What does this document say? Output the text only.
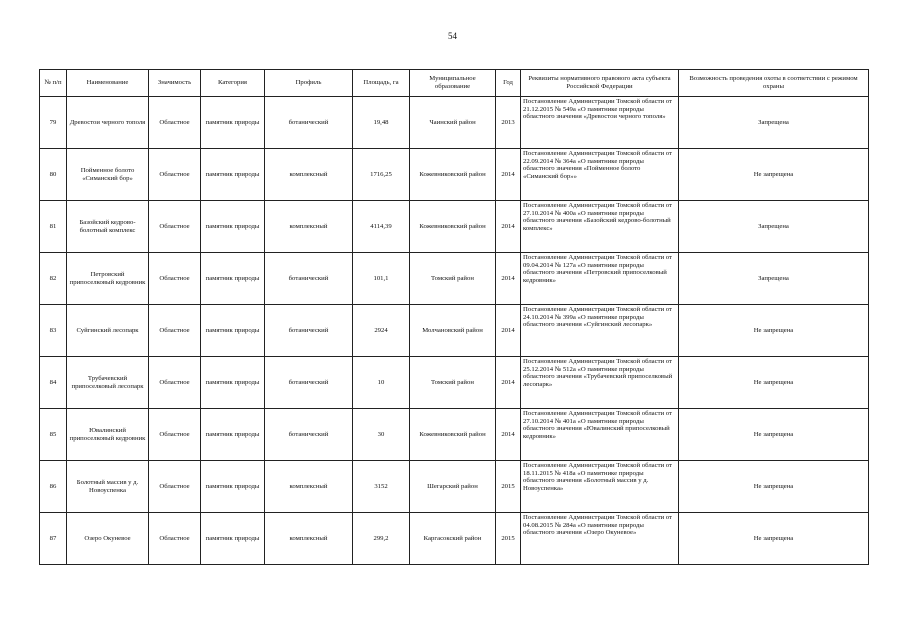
54
№ п/п	Наименование	Значимость	Категория	Профиль	Площадь, га	Муниципальное образование	Год	Реквизиты нормативного правового акта субъекта Российской Федерации	Возможность проведения охоты в соответствии с режимом охраны
79	Древостои черного тополя	Областное	памятник природы	ботанический	19,48	Чаинский район	2013	Постановление Администрации Томской области от 21.12.2015 № 549а «О памятнике природы областного значения «Древостои черного тополя»	Запрещена
80	Пойменное болото «Симанский бор»	Областное	памятник природы	комплексный	1716,25	Кожевниковский район	2014	Постановление Администрации Томской области от 22.09.2014 № 364а «О памятнике природы областного значения «Пойменное болото «Симанский бор»»	Не запрещена
81	Базойский кедрово-болотный комплекс	Областное	памятник природы	комплексный	4114,39	Кожевниковский район	2014	Постановление Администрации Томской области от 27.10.2014 № 400а «О памятнике природы областного значения «Базойский кедрово-болотный комплекс»	Запрещена
82	Петровский припоселковый кедровник	Областное	памятник природы	ботанический	101,1	Томский район	2014	Постановление Администрации Томской области от 09.04.2014 № 127а «О памятнике природы областного значения «Петровский припоселковый кедровник»	Запрещена
83	Суйгинский лесопарк	Областное	памятник природы	ботанический	2924	Молчановский район	2014	Постановление Администрации Томской области от 24.10.2014 № 399а «О памятнике природы областного значения «Суйгинский лесопарк»	Не запрещена
84	Трубачевский припоселковый лесопарк	Областное	памятник природы	ботанический	10	Томский район	2014	Постановление Администрации Томской области от 25.12.2014 № 512а «О памятнике природы областного значения «Трубачевский припоселковый лесопарк»	Не запрещена
85	Ювалинский припоселковый кедровник	Областное	памятник природы	ботанический	30	Кожевниковский район	2014	Постановление Администрации Томской области от 27.10.2014 № 401а «О памятнике природы областного значения «Ювалинский припоселковый кедровник»	Не запрещена
86	Болотный массив у д. Новоуспенка	Областное	памятник природы	комплексный	3152	Шегарский район	2015	Постановление Администрации Томской области от 18.11.2015 № 418а «О памятнике природы областного значения «Болотный массив у д. Новоуспенка»	Не запрещена
87	Озеро Окуневое	Областное	памятник природы	комплексный	299,2	Каргасокский район	2015	Постановление Администрации Томской области от 04.08.2015 № 284а «О памятнике природы областного значения «Озеро Окуневое»	Не запрещена
